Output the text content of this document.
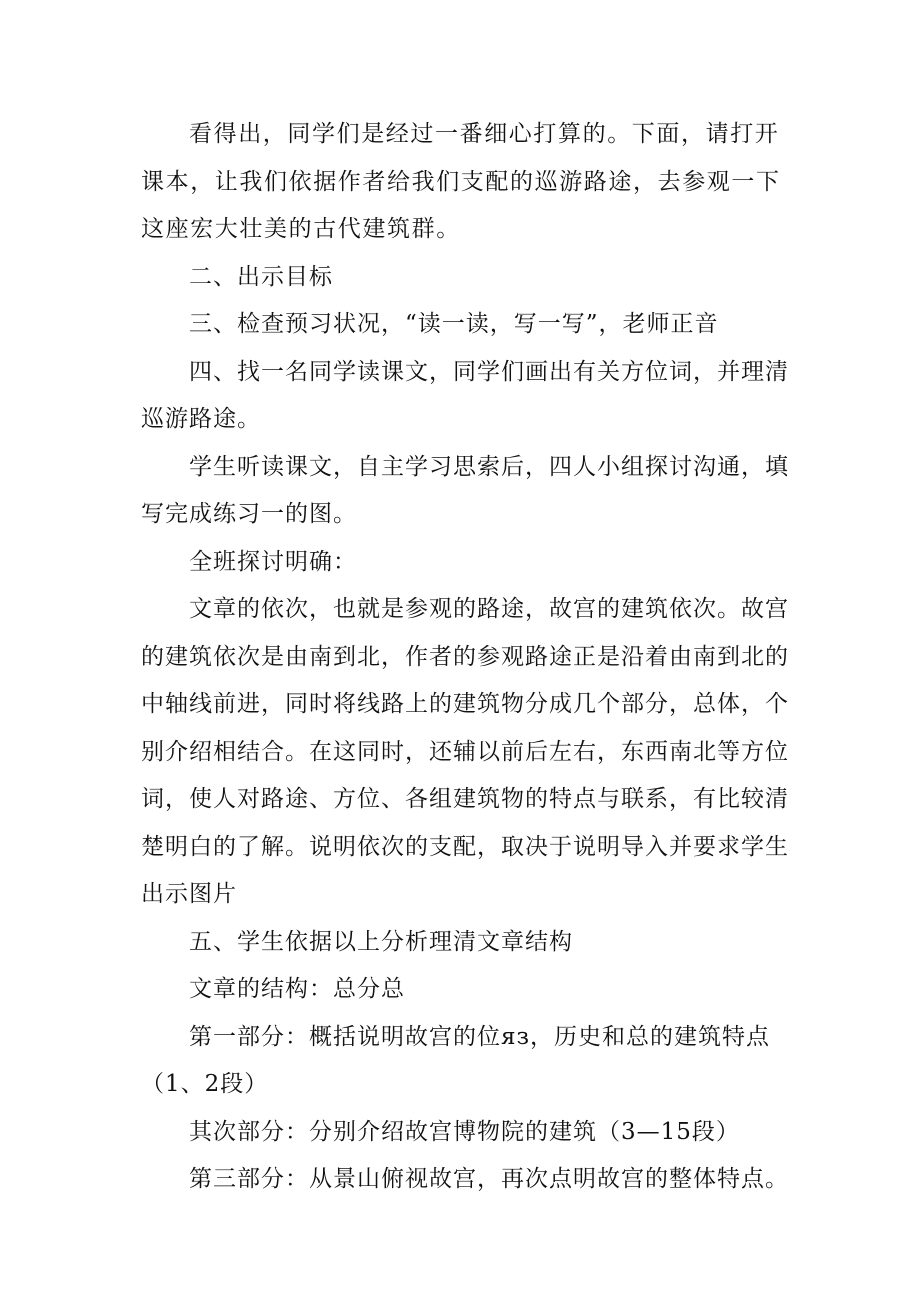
看得出，同学们是经过一番细心打算的。下面，请打开课本，让我们依据作者给我们支配的巡游路途，去参观一下这座宏大壮美的古代建筑群。

二、出示目标

三、检查预习状况，“读一读，写一写”，老师正音

四、找一名同学读课文，同学们画出有关方位词，并理清巡游路途。

学生听读课文，自主学习思索后，四人小组探讨沟通，填写完成练习一的图。

全班探讨明确：

文章的依次，也就是参观的路途，故宫的建筑依次。故宫的建筑依次是由南到北，作者的参观路途正是沿着由南到北的中轴线前进，同时将线路上的建筑物分成几个部分，总体，个别介绍相结合。在这同时，还辅以前后左右，东西南北等方位词，使人对路途、方位、各组建筑物的特点与联系，有比较清楚明白的了解。说明依次的支配，取决于说明导入并要求学生出示图片

五、学生依据以上分析理清文章结构

文章的结构：总分总

第一部分：概括说明故宫的位яз，历史和总的建筑特点（1、2段）

其次部分：分别介绍故宫博物院的建筑（3—15段）

第三部分：从景山俯视故宫，再次点明故宫的整体特点。
